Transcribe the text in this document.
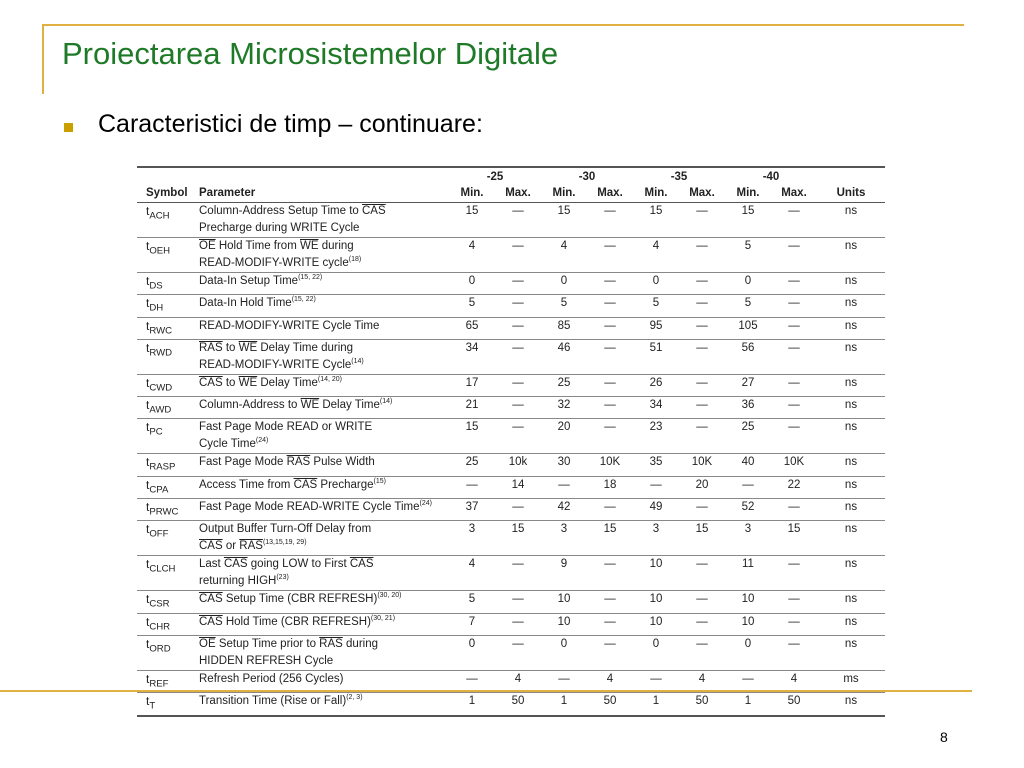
Proiectarea Microsistemelor Digitale
Caracteristici de timp – continuare:
		-25		-30		-35		-40		
Symbol	Parameter	Min.	Max.	Min.	Max.	Min.	Max.	Min.	Max.	Units
$t_{ACH}$	Column-Address Setup Time to $\overline{CAS}$
Precharge during WRITE Cycle	15	—	15	—	15	—	15	—	ns
$t_{OEH}$	$\overline{OE}$ Hold Time from $\overline{WE}$ during
READ-MODIFY-WRITE cycle$^{(18)}$	4	—	4	—	4	—	5	—	ns
$t_{DS}$	Data-In Setup Time$^{(15, 22)}$	0	—	0	—	0	—	0	—	ns
$t_{DH}$	Data-In Hold Time$^{(15, 22)}$	5	—	5	—	5	—	5	—	ns
$t_{RWC}$	READ-MODIFY-WRITE Cycle Time	65	—	85	—	95	—	105	—	ns
$t_{RWD}$	$\overline{RAS}$ to $\overline{WE}$ Delay Time during
READ-MODIFY-WRITE Cycle$^{(14)}$	34	—	46	—	51	—	56	—	ns
$t_{CWD}$	$\overline{CAS}$ to $\overline{WE}$ Delay Time$^{(14, 20)}$	17	—	25	—	26	—	27	—	ns
$t_{AWD}$	Column-Address to $\overline{WE}$ Delay Time$^{(14)}$	21	—	32	—	34	—	36	—	ns
$t_{PC}$	Fast Page Mode READ or WRITE
Cycle Time$^{(24)}$	15	—	20	—	23	—	25	—	ns
$t_{RASP}$	Fast Page Mode $\overline{RAS}$ Pulse Width	25	10k	30	10K	35	10K	40	10K	ns
$t_{CPA}$	Access Time from $\overline{CAS}$ Precharge$^{(15)}$	—	14	—	18	—	20	—	22	ns
$t_{PRWC}$	Fast Page Mode READ-WRITE Cycle Time$^{(24)}$	37	—	42	—	49	—	52	—	ns
$t_{OFF}$	Output Buffer Turn-Off Delay from
$\overline{CAS}$ or $\overline{RAS}^{(13,15,19, 29)}$	3	15	3	15	3	15	3	15	ns
$t_{CLCH}$	Last $\overline{CAS}$ going LOW to First $\overline{CAS}$
returning HIGH$^{(23)}$	4	—	9	—	10	—	11	—	ns
$t_{CSR}$	$\overline{CAS}$ Setup Time (CBR REFRESH)$^{(30, 20)}$	5	—	10	—	10	—	10	—	ns
$t_{CHR}$	$\overline{CAS}$ Hold Time (CBR REFRESH)$^{(30, 21)}$	7	—	10	—	10	—	10	—	ns
$t_{ORD}$	$\overline{OE}$ Setup Time prior to $\overline{RAS}$ during
HIDDEN REFRESH Cycle	0	—	0	—	0	—	0	—	ns
$t_{REF}$	Refresh Period (256 Cycles)	—	4	—	4	—	4	—	4	ms
$t_T$	Transition Time (Rise or Fall)$^{(2, 3)}$	1	50	1	50	1	50	1	50	ns
8
